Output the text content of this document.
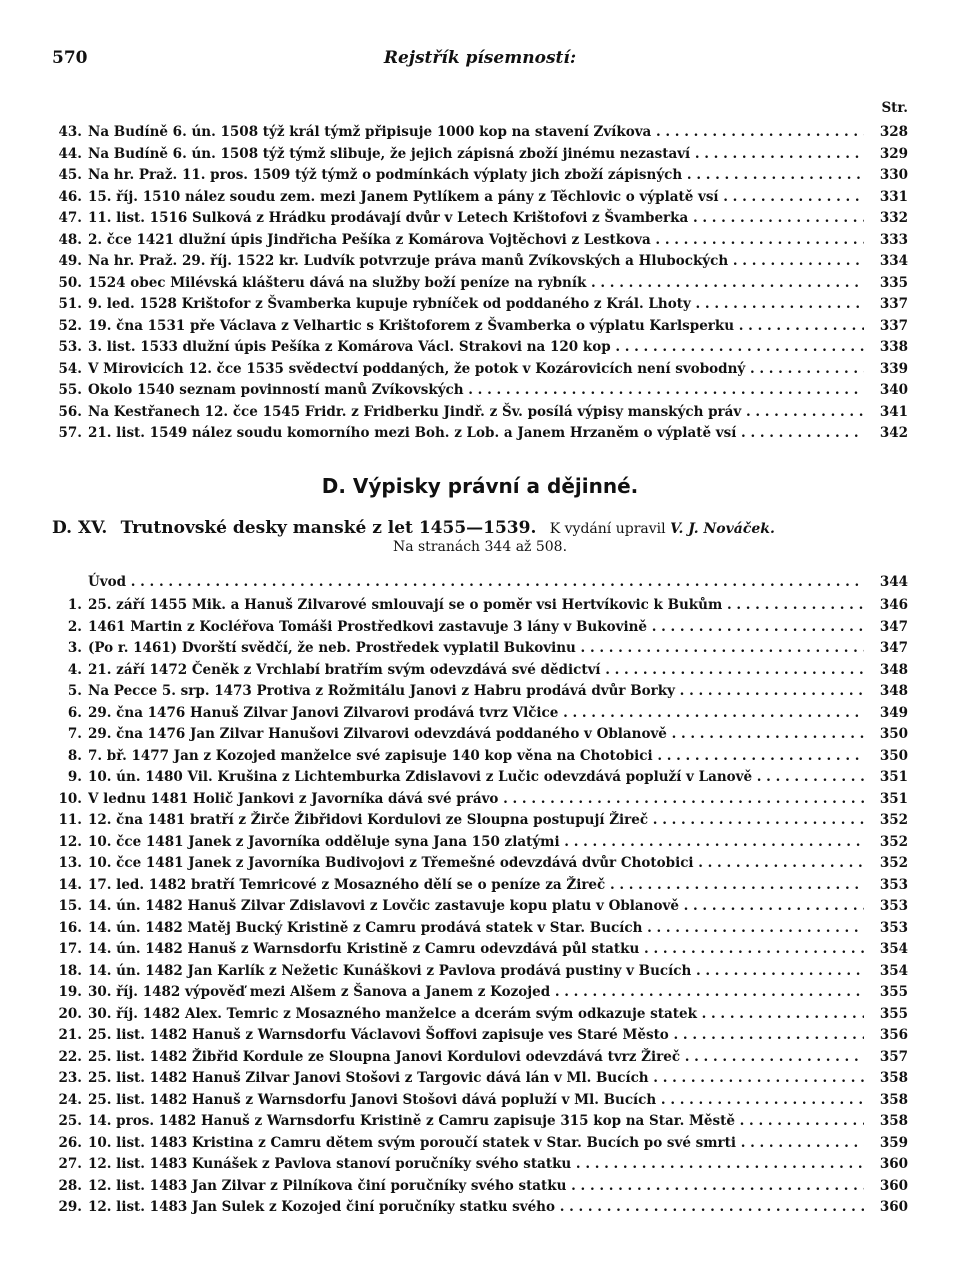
570	Rejstřík písemností:
Str.
43. Na Budíně 6. ún. 1508 týž král týmž připisuje 1000 kop na stavení Zvíkova . . .	328
44. Na Budíně 6. ún. 1508 týž týmž slibuje, že jejich zápisná zboží jinému nezastaví . . .	329
45. Na hr. Praž. 11. pros. 1509 týž týmž o podmínkách výplaty jich zboží zápisných . . .	330
46. 15. říj. 1510 nález soudu zem. mezi Janem Pytlíkem a pány z Těchlovic o výplatě vsí . . .	331
47. 11. list. 1516 Sulková z Hrádku prodávají dvůr v Letech Krištofovi z Švamberka . . .	332
48. 2. čce 1421 dlužní úpis Jindřicha Pešíka z Komárova Vojtěchovi z Lestkova . . .	333
49. Na hr. Praž. 29. říj. 1522 kr. Ludvík potvrzuje práva manů Zvíkovských a Hlubockých . . .	334
50. 1524 obec Milévská klášteru dává na služby boží peníze na rybník . . .	335
51. 9. led. 1528 Krištofor z Švamberka kupuje rybníček od poddaného z Král. Lhoty . . .	337
52. 19. čna 1531 pře Václava z Velhartic s Krištoforem z Švamberka o výplatu Karlsperku . . .	337
53. 3. list. 1533 dlužní úpis Pešíka z Komárova Václ. Strakovi na 120 kop . . .	338
54. V Mirovicích 12. čce 1535 svědectví poddaných, že potok v Kozárovicích není svobodný . . .	339
55. Okolo 1540 seznam povinností manů Zvíkovských . . .	340
56. Na Kestřanech 12. čce 1545 Fridr. z Fridberku Jindř. z Šv. posílá výpisy manských práv . . .	341
57. 21. list. 1549 nález soudu komorního mezi Boh. z Lob. a Janem Hrzaněm o výplatě vsí . . .	342
D. Výpisky právní a dějinné.
D. XV. Trutnovské desky manské z let 1455—1539. K vydání upravil V. J. Nováček.
Na stranách 344 až 508.
Úvod . . .	344
1. 25. září 1455 Mik. a Hanuš Zilvarové smlouvají se o poměr vsi Hertvíkovic k Bukům . . .	346
2. 1461 Martin z Kocléřova Tomáši Prostředkovi zastavuje 3 lány v Bukovině . . .	347
3. (Po r. 1461) Dvorští svědčí, že neb. Prostředek vyplatil Bukovinu . . .	347
4. 21. září 1472 Čeněk z Vrchlabí bratřím svým odevzdává své dědictví . . .	348
5. Na Pecce 5. srp. 1473 Protiva z Rožmitálu Janovi z Habru prodává dvůr Borky . . .	348
6. 29. čna 1476 Hanuš Zilvar Janovi Zilvarovi prodává tvrz Vlčice . . .	349
7. 29. čna 1476 Jan Zilvar Hanušovi Zilvarovi odevzdává poddaného v Oblanově . . .	350
8. 7. bř. 1477 Jan z Kozojed manželce své zapisuje 140 kop věna na Chotobici . . .	350
9. 10. ún. 1480 Vil. Krušina z Lichtemburka Zdislavovi z Lučic odevzdává popluží v Lanově . . .	351
10. V lednu 1481 Holič Jankovi z Javorníka dává své právo . . .	351
11. 12. čna 1481 bratří z Žirče Žibřidovi Kordulovi ze Sloupna postupují Žireč . . .	352
12. 10. čce 1481 Janek z Javorníka odděluje syna Jana 150 zlatými . . .	352
13. 10. čce 1481 Janek z Javorníka Budivojovi z Třemešné odevzdává dvůr Chotobici . . .	352
14. 17. led. 1482 bratří Temricové z Mosazného dělí se o peníze za Žireč . . .	353
15. 14. ún. 1482 Hanuš Zilvar Zdislavovi z Lovčic zastavuje kopu platu v Oblanově . . .	353
16. 14. ún. 1482 Matěj Bucký Kristině z Camru prodává statek v Star. Bucích . . .	353
17. 14. ún. 1482 Hanuš z Warnsdorfu Kristině z Camru odevzdává půl statku . . .	354
18. 14. ún. 1482 Jan Karlík z Nežetic Kunáškovi z Pavlova prodává pustiny v Bucích . . .	354
19. 30. říj. 1482 výpověď mezi Alšem z Šanova a Janem z Kozojed . . .	355
20. 30. říj. 1482 Alex. Temric z Mosazného manželce a dcerám svým odkazuje statek . . .	355
21. 25. list. 1482 Hanuš z Warnsdorfu Václavovi Šoffovi zapisuje ves Staré Město . . .	356
22. 25. list. 1482 Žibřid Kordule ze Sloupna Janovi Kordulovi odevzdává tvrz Žireč . . .	357
23. 25. list. 1482 Hanuš Zilvar Janovi Stošovi z Targovic dává lán v Ml. Bucích . . .	358
24. 25. list. 1482 Hanuš z Warnsdorfu Janovi Stošovi dává popluží v Ml. Bucích . . .	358
25. 14. pros. 1482 Hanuš z Warnsdorfu Kristině z Camru zapisuje 315 kop na Star. Městě . . .	358
26. 10. list. 1483 Kristina z Camru dětem svým poroučí statek v Star. Bucích po své smrti . . .	359
27. 12. list. 1483 Kunášek z Pavlova stanoví poručníky svého statku . . .	360
28. 12. list. 1483 Jan Zilvar z Pilníkova činí poručníky svého statku . . .	360
29. 12. list. 1483 Jan Sulek z Kozojed činí poručníky statku svého . . .	360
